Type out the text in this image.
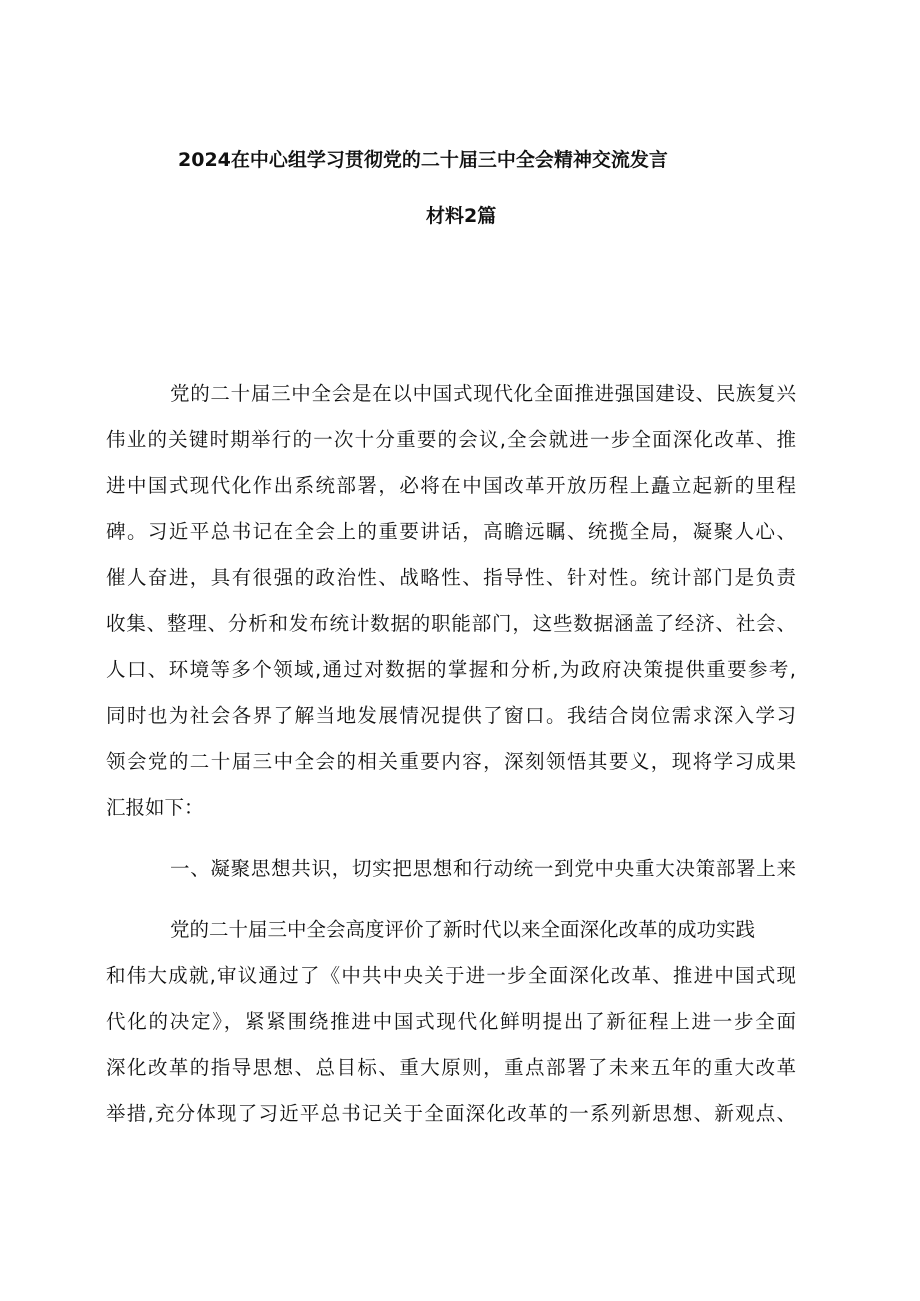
2024在中心组学习贯彻党的二十届三中全会精神交流发言
材料2篇
党的二十届三中全会是在以中国式现代化全面推进强国建设、民族复兴
伟业的关键时期举行的一次十分重要的会议,全会就进一步全面深化改革、推
进中国式现代化作出系统部署，必将在中国改革开放历程上矗立起新的里程
碑。习近平总书记在全会上的重要讲话，高瞻远瞩、统揽全局，凝聚人心、
催人奋进，具有很强的政治性、战略性、指导性、针对性。统计部门是负责
收集、整理、分析和发布统计数据的职能部门，这些数据涵盖了经济、社会、
人口、环境等多个领域,通过对数据的掌握和分析,为政府决策提供重要参考,
同时也为社会各界了解当地发展情况提供了窗口。我结合岗位需求深入学习
领会党的二十届三中全会的相关重要内容，深刻领悟其要义，现将学习成果
汇报如下：
一、凝聚思想共识，切实把思想和行动统一到党中央重大决策部署上来
党的二十届三中全会高度评价了新时代以来全面深化改革的成功实践
和伟大成就,审议通过了《中共中央关于进一步全面深化改革、推进中国式现
代化的决定》，紧紧围绕推进中国式现代化鲜明提出了新征程上进一步全面
深化改革的指导思想、总目标、重大原则，重点部署了未来五年的重大改革
举措,充分体现了习近平总书记关于全面深化改革的一系列新思想、新观点、
